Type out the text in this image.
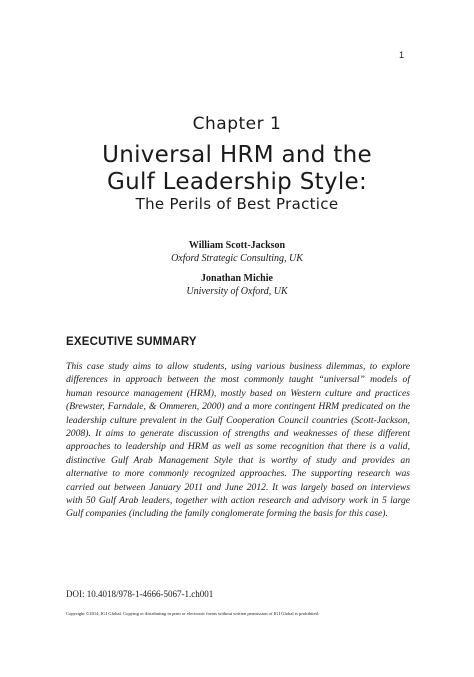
1
Chapter 1
Universal HRM and the
Gulf Leadership Style:
The Perils of Best Practice
William Scott-Jackson
Oxford Strategic Consulting, UK
Jonathan Michie
University of Oxford, UK
EXECUTIVE SUMMARY
This case study aims to allow students, using various business dilemmas, to explore differences in approach between the most commonly taught “universal” models of human resource management (HRM), mostly based on Western culture and practices (Brewster, Farndale, & Ommeren, 2000) and a more contingent HRM predicated on the leadership culture prevalent in the Gulf Cooperation Council countries (Scott-Jackson, 2008). It aims to generate discussion of strengths and weaknesses of these different approaches to leadership and HRM as well as some recognition that there is a valid, distinctive Gulf Arab Management Style that is worthy of study and provides an alternative to more commonly recognized approaches. The supporting research was carried out between January 2011 and June 2012. It was largely based on interviews with 50 Gulf Arab leaders, together with action research and advisory work in 5 large Gulf companies (including the family conglomerate forming the basis for this case).
DOI: 10.4018/978-1-4666-5067-1.ch001
Copyright ©2014, IGI Global. Copying or distributing in print or electronic forms without written permission of IGI Global is prohibited.
